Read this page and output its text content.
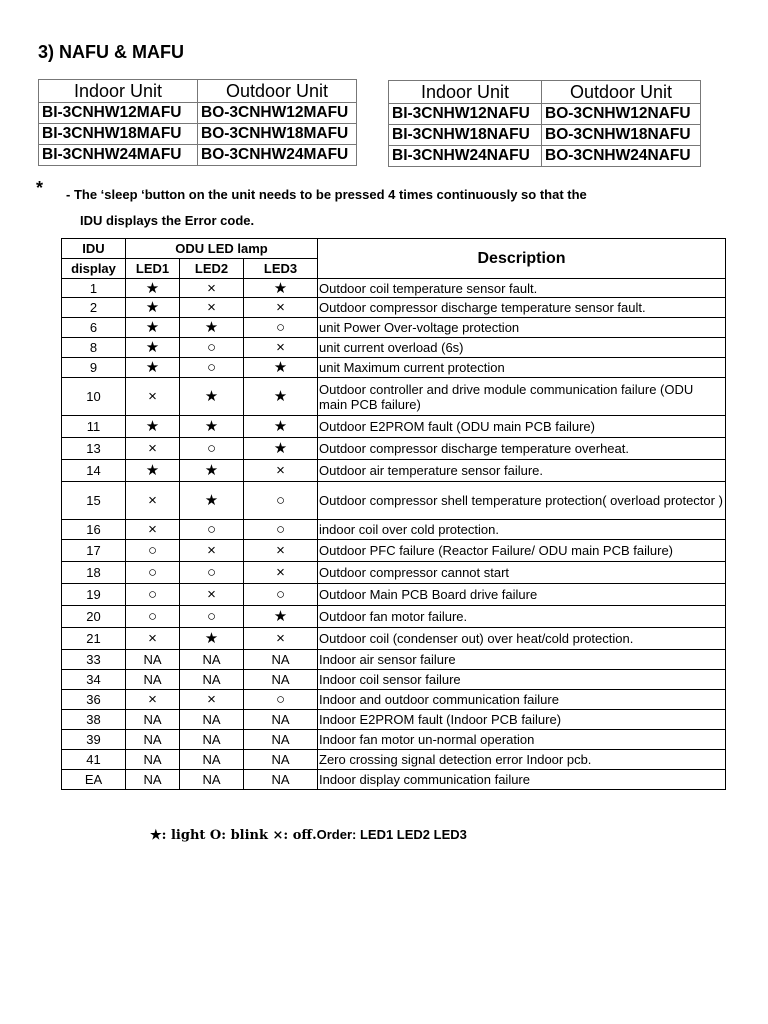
3) NAFU & MAFU
Indoor Unit	Outdoor Unit
BI-3CNHW12MAFU	BO-3CNHW12MAFU
BI-3CNHW18MAFU	BO-3CNHW18MAFU
BI-3CNHW24MAFU	BO-3CNHW24MAFU
Indoor Unit	Outdoor Unit
BI-3CNHW12NAFU	BO-3CNHW12NAFU
BI-3CNHW18NAFU	BO-3CNHW18NAFU
BI-3CNHW24NAFU	BO-3CNHW24NAFU
* - The ‘sleep ‘button on the unit needs to be pressed 4 times continuously so that the
IDU displays the Error code.
IDU	ODU LED lamp			Description
display	LED1	LED2	LED3	
1	★	×	★	Outdoor coil temperature sensor fault.
2	★	×	×	Outdoor compressor discharge temperature sensor fault.
6	★	★	○	unit Power Over-voltage protection
8	★	○	×	unit current overload (6s)
9	★	○	★	unit Maximum current protection
10	×	★	★	Outdoor controller and drive module communication failure (ODU main PCB failure)
11	★	★	★	Outdoor E2PROM fault (ODU main PCB failure)
13	×	○	★	Outdoor compressor discharge temperature overheat.
14	★	★	×	Outdoor air temperature sensor failure.
15	×	★	○	Outdoor compressor shell temperature protection( overload protector )
16	×	○	○	indoor coil over cold protection.
17	○	×	×	Outdoor PFC failure (Reactor Failure/ ODU main PCB failure)
18	○	○	×	Outdoor compressor cannot start
19	○	×	○	Outdoor Main PCB Board drive failure
20	○	○	★	Outdoor fan motor failure.
21	×	★	×	Outdoor coil (condenser out) over heat/cold protection.
33	NA	NA	NA	Indoor air sensor failure
34	NA	NA	NA	Indoor coil sensor failure
36	×	×	○	Indoor and outdoor communication failure
38	NA	NA	NA	Indoor E2PROM fault (Indoor PCB failure)
39	NA	NA	NA	Indoor fan motor un-normal operation
41	NA	NA	NA	Zero crossing signal detection error Indoor pcb.
EA	NA	NA	NA	Indoor display communication failure
★: light O: blink ×: off.Order: LED1 LED2 LED3
